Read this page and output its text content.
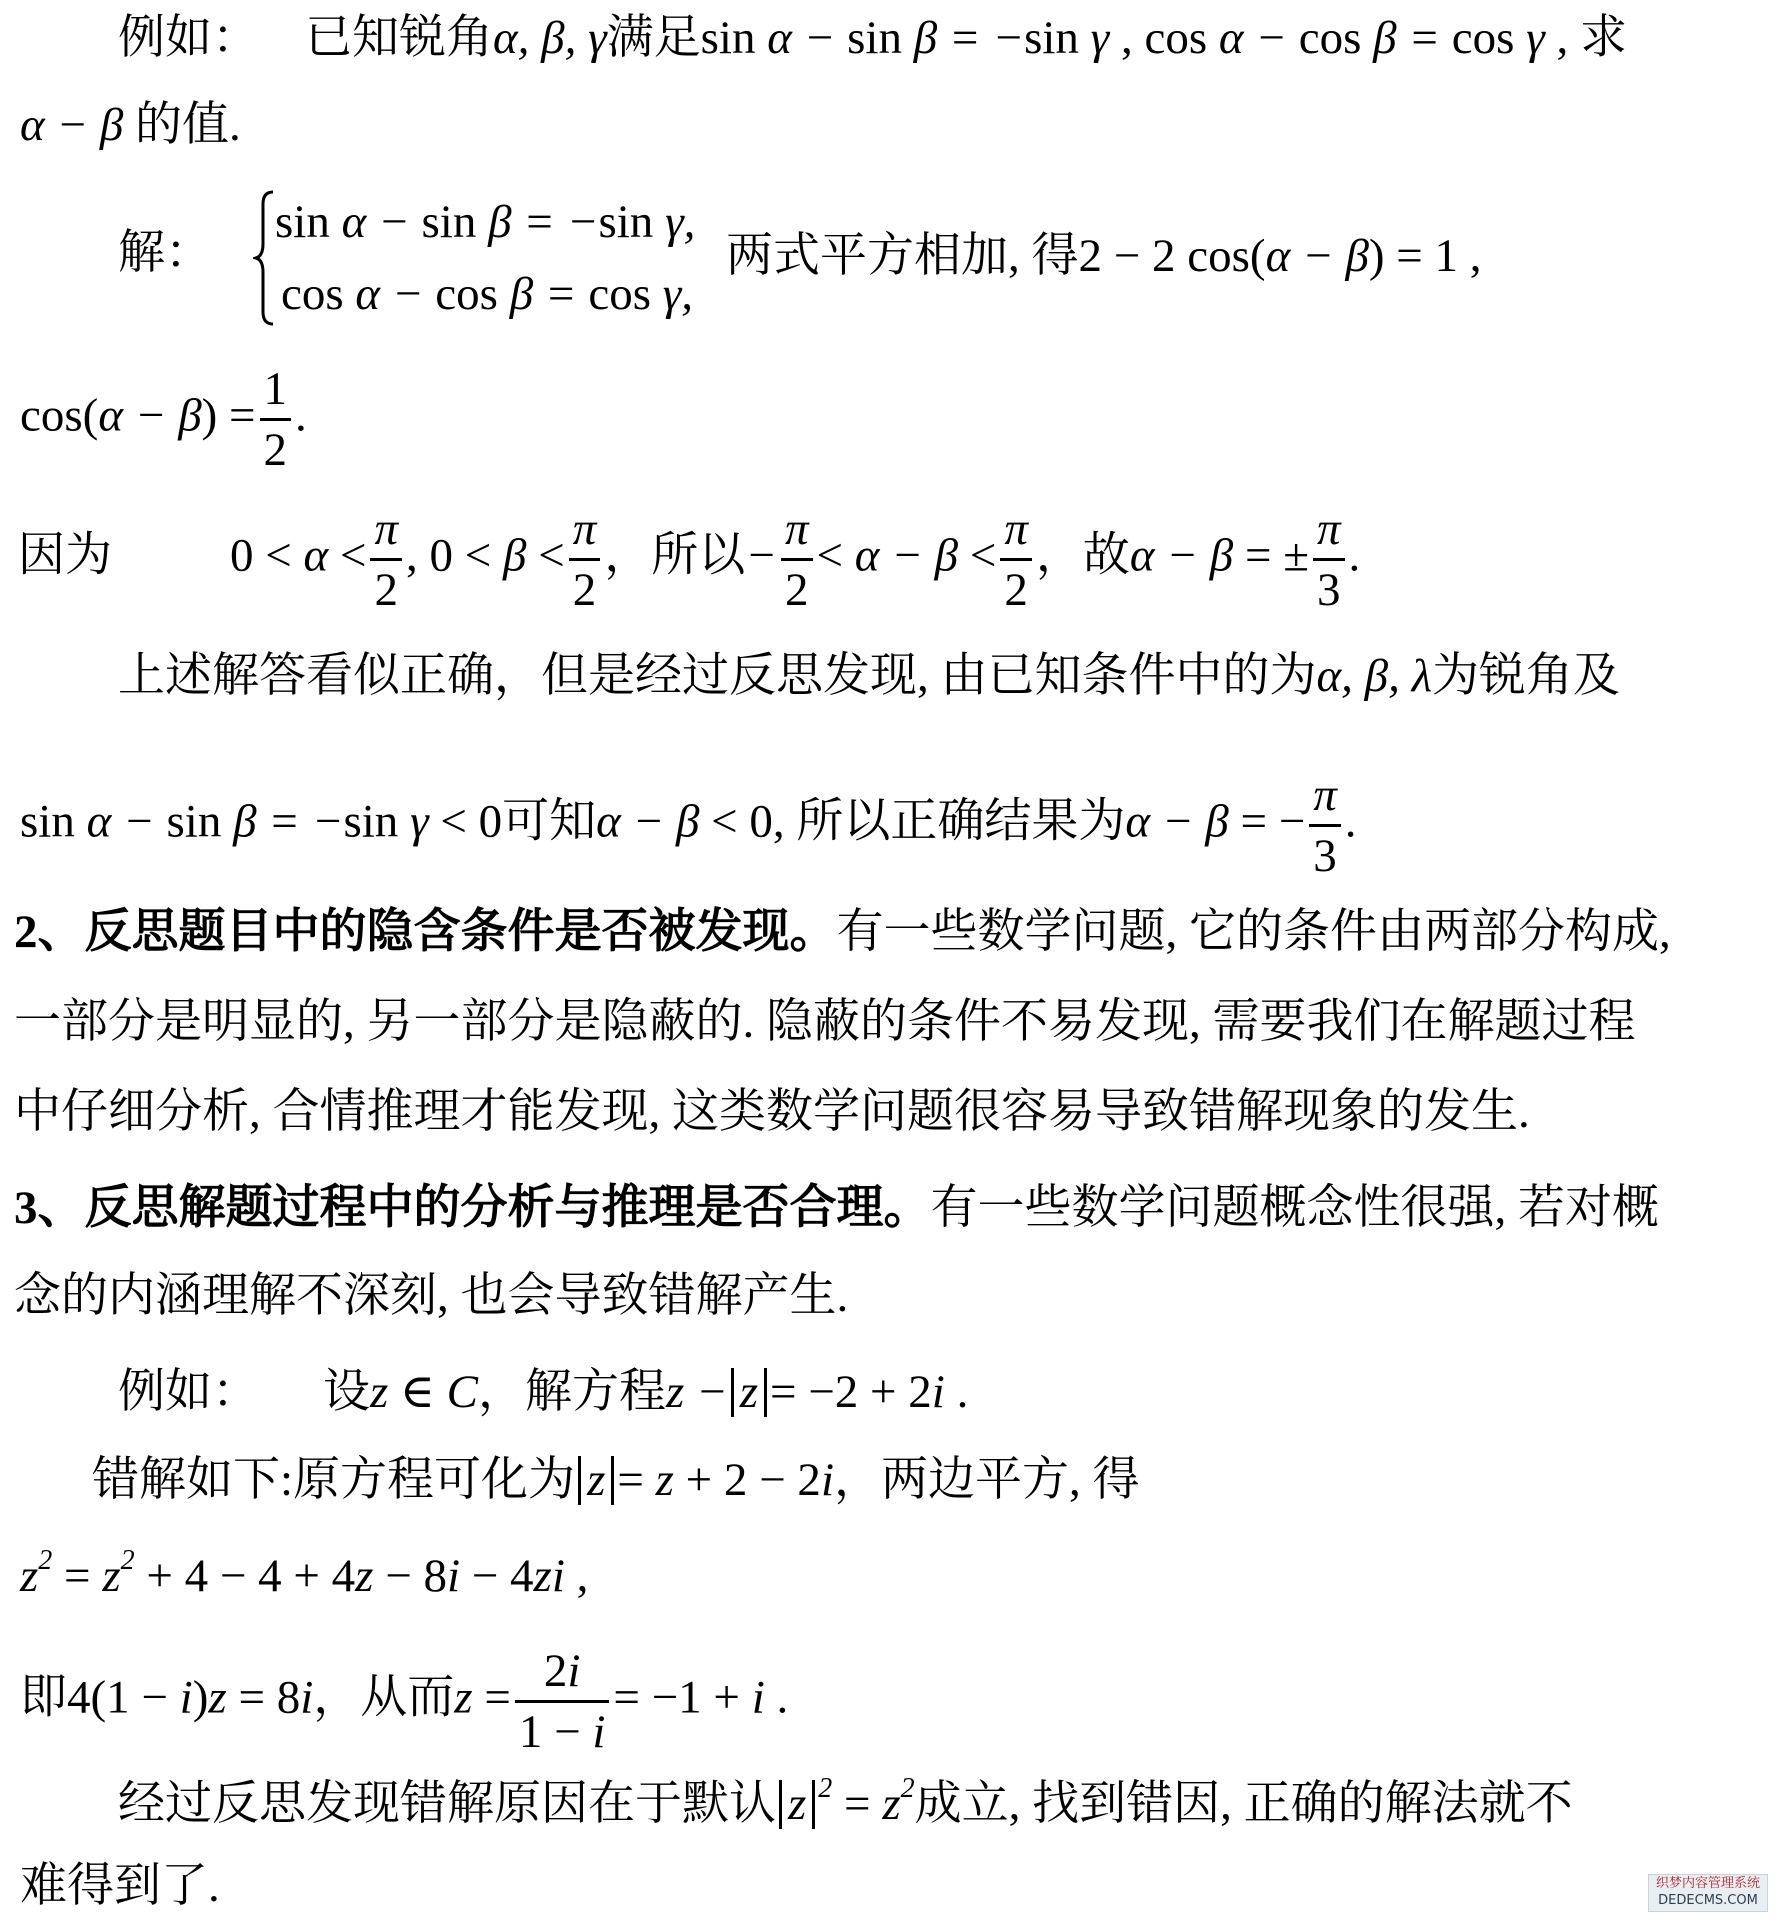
例如： 已知锐角α, β, γ满足sin α − sin β = −sin γ , cos α − cos β = cos γ , 求
α − β 的值.
解：
sin α − sin β = −sin γ,
cos α − cos β = cos γ,
两式平方相加, 得2 − 2 cos(α − β) = 1 ,
$\cos(\alpha - \beta) = \frac{1}{2}$ .
因为	$0 < \alpha < \frac{\pi}{2}$ , $0 < \beta < \frac{\pi}{2}$ ，所以− $\frac{\pi}{2} < \alpha - \beta < \frac{\pi}{2}$ ，故α − β = ± $\frac{\pi}{3}$ .
上述解答看似正确，但是经过反思发现, 由已知条件中的为α, β, λ为锐角及
sin α − sin β = −sin γ < 0可知α − β < 0, 所以正确结果为α − β = − $\frac{\pi}{3}$ .
2、反思题目中的隐含条件是否被发现。有一些数学问题, 它的条件由两部分构成,
一部分是明显的, 另一部分是隐蔽的. 隐蔽的条件不易发现, 需要我们在解题过程
中仔细分析, 合情推理才能发现, 这类数学问题很容易导致错解现象的发生.
3、反思解题过程中的分析与推理是否合理。有一些数学问题概念性很强, 若对概
念的内涵理解不深刻, 也会导致错解产生.
例如： 设z ∈ C，解方程z − z = −2 + 2i .
错解如下:原方程可化为 z = z + 2 − 2i，两边平方, 得
$z^2 = z^2 + 4 - 4 + 4z - 8i - 4zi$ ,
即4(1 − i)z = 8i，从而$z = \frac{2i}{1 - i} = -1 + i$ .
经过反思发现错解原因在于默认 z $^2 = z^2$成立, 找到错因, 正确的解法就不
难得到了.	织梦内容管理系统
DEDECMS.COM
